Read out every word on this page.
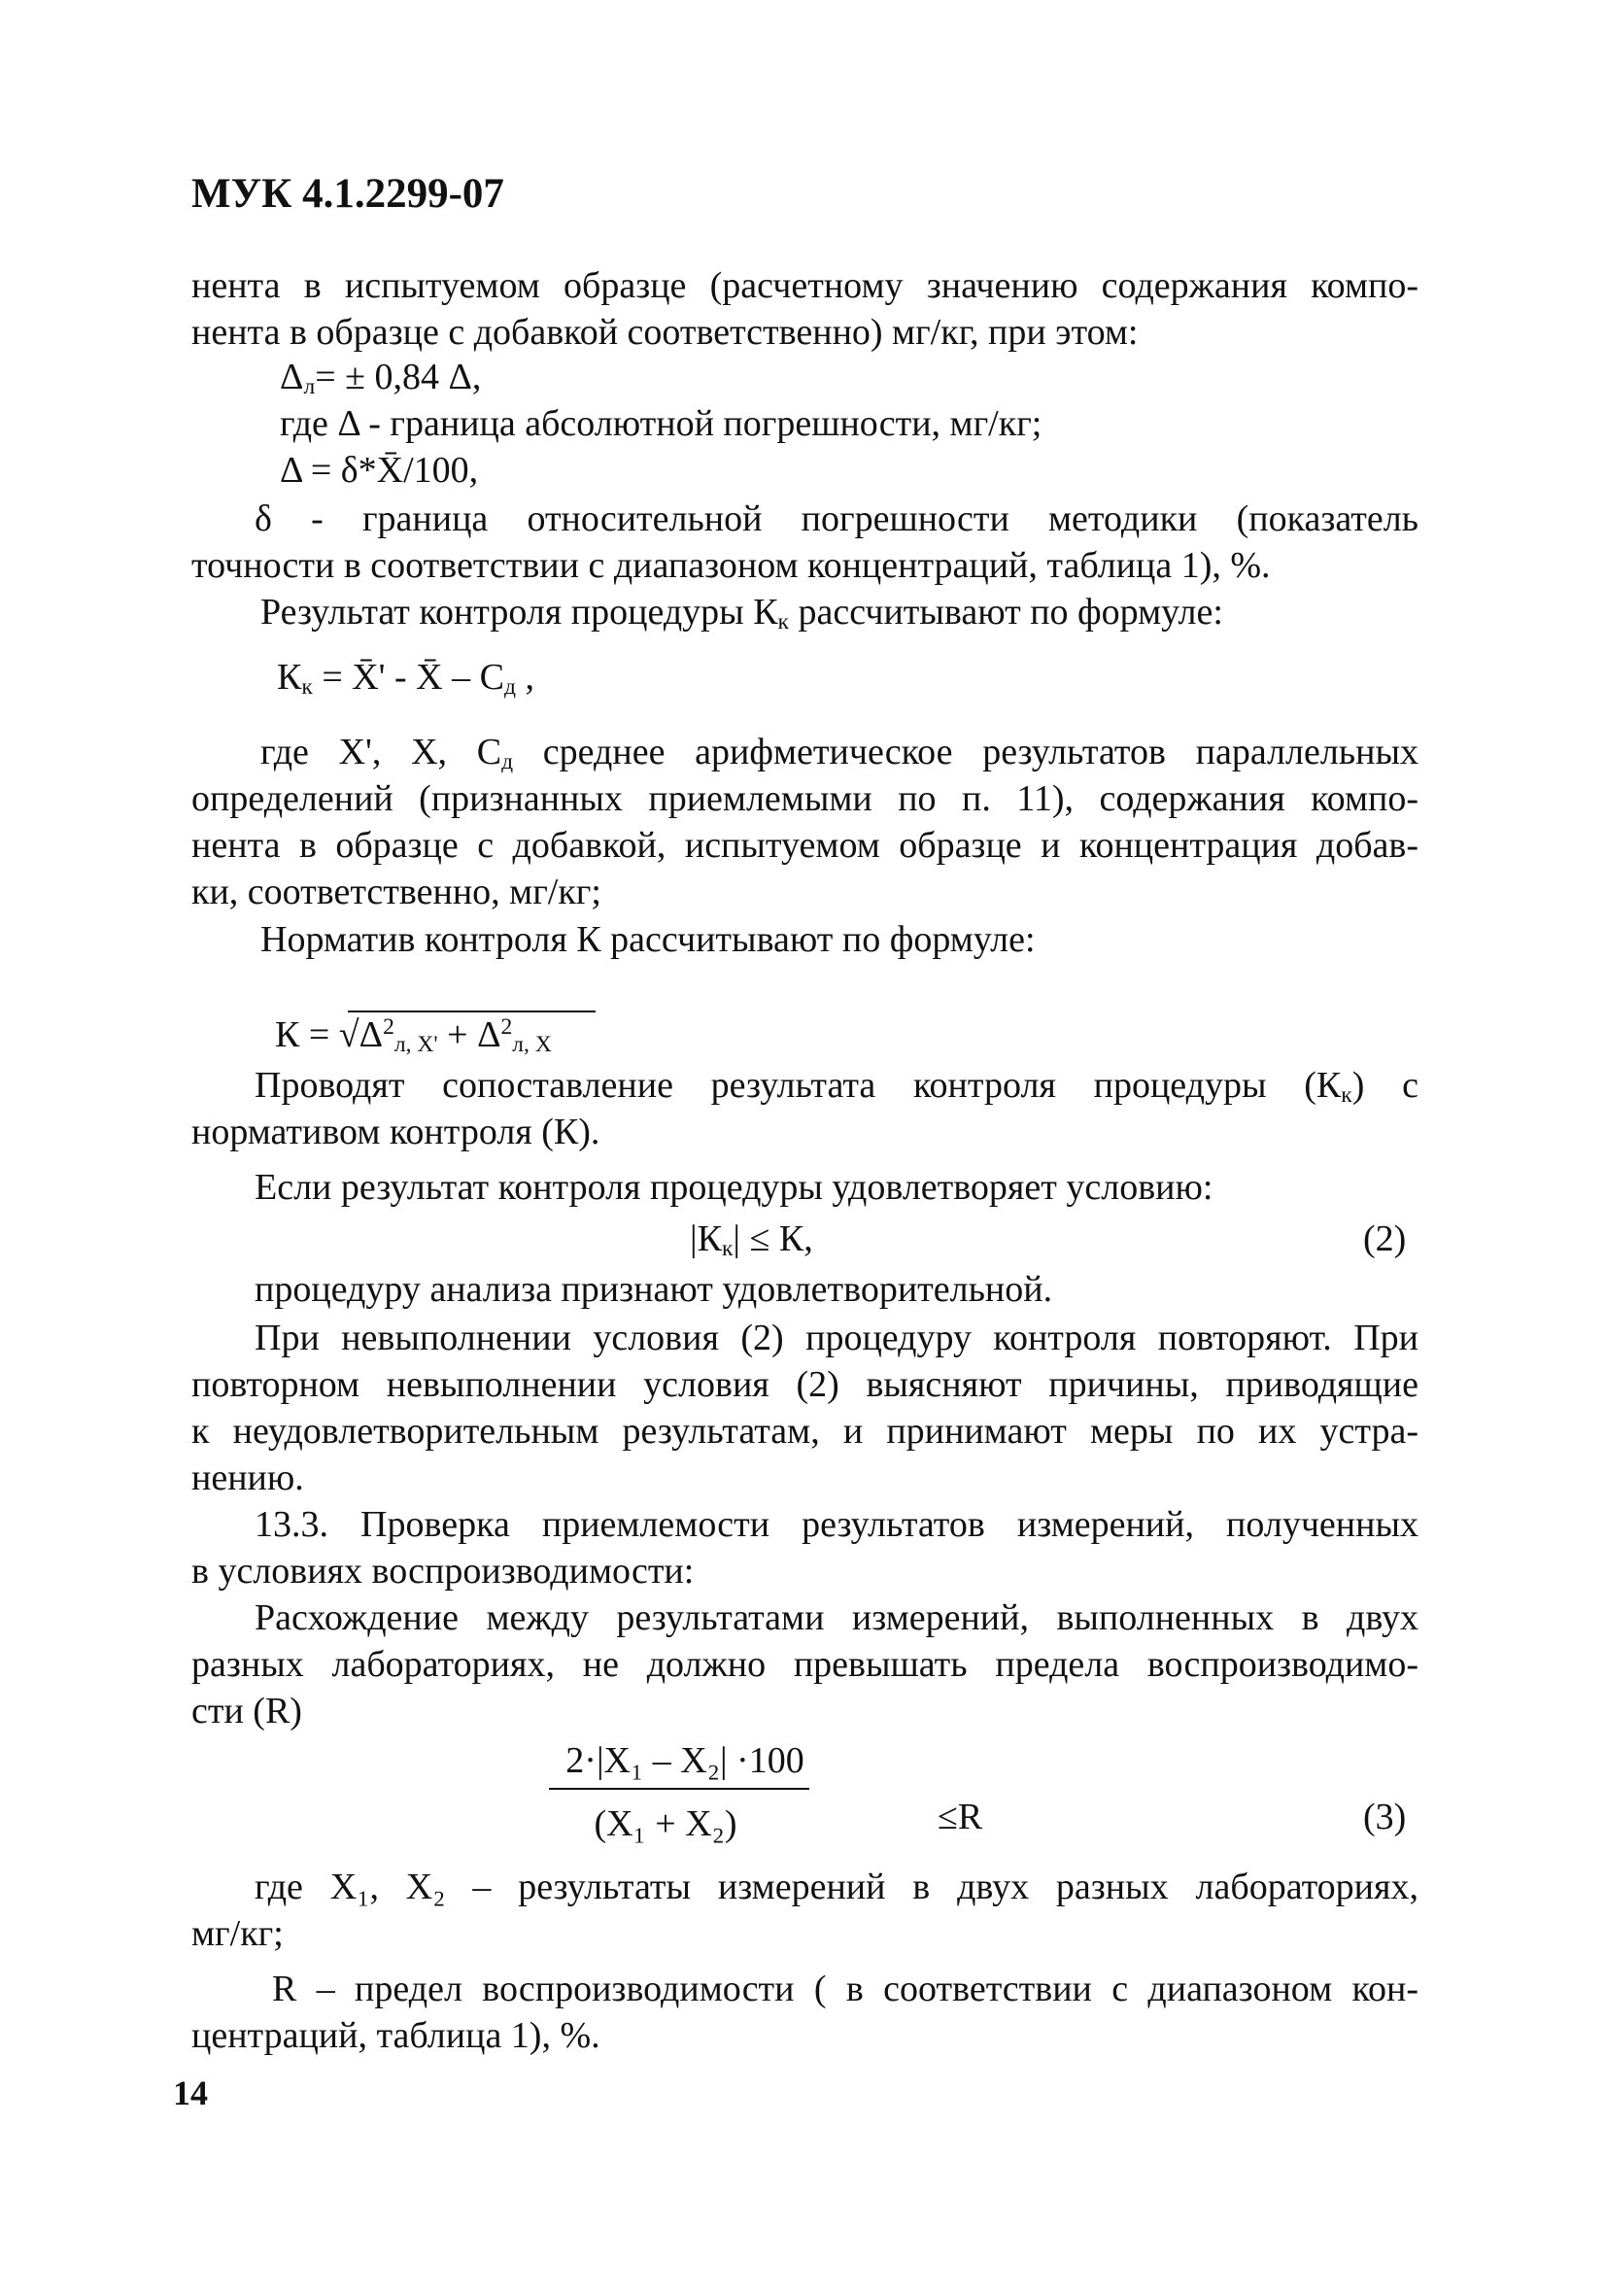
МУК 4.1.2299-07
нента в испытуемом образце (расчетному значению содержания компо-
нента в образце с добавкой соответственно) мг/кг, при этом:
$\Delta_л= \pm 0,84$ Δ,
где Δ - граница абсолютной погрешности, мг/кг;
Δ = δ*X̄/100,
δ - граница относительной погрешности методики (показатель
точности в соответствии с диапазоном концентраций, таблица 1), %.
Результат контроля процедуры $К_к$ рассчитывают по формуле:
$К_к$ = X̄' - X̄ – $С_д$ ,
где X', X, $С_д$ среднее арифметическое результатов параллельных
определений (признанных приемлемыми по п. 11), содержания компо-
нента в образце с добавкой, испытуемом образце и концентрация добав-
ки, соответственно, мг/кг;
Норматив контроля К рассчитывают по формуле:
$К = √\Delta^2_{л, X'} + \Delta^2_{л, X}$
Проводят сопоставление результата контроля процедуры $(К_к)$ с
нормативом контроля (К).
Если результат контроля процедуры удовлетворяет условию:
$|К_к| \le К$,	(2)
процедуру анализа признают удовлетворительной.
При невыполнении условия (2) процедуру контроля повторяют. При
повторном невыполнении условия (2) выясняют причины, приводящие
к неудовлетворительным результатам, и принимают меры по их устра-
нению.
13.3. Проверка приемлемости результатов измерений, полученных
в условиях воспроизводимости:
Расхождение между результатами измерений, выполненных в двух
разных лабораториях, не должно превышать предела воспроизводимо-
сти (R)
2·|X₁ – X₂| ·100
(X₁ + X₂)	≤R	(3)
где X₁, X₂ – результаты измерений в двух разных лабораториях,
мг/кг;
R – предел воспроизводимости ( в соответствии с диапазоном кон-
центраций, таблица 1), %.
14
